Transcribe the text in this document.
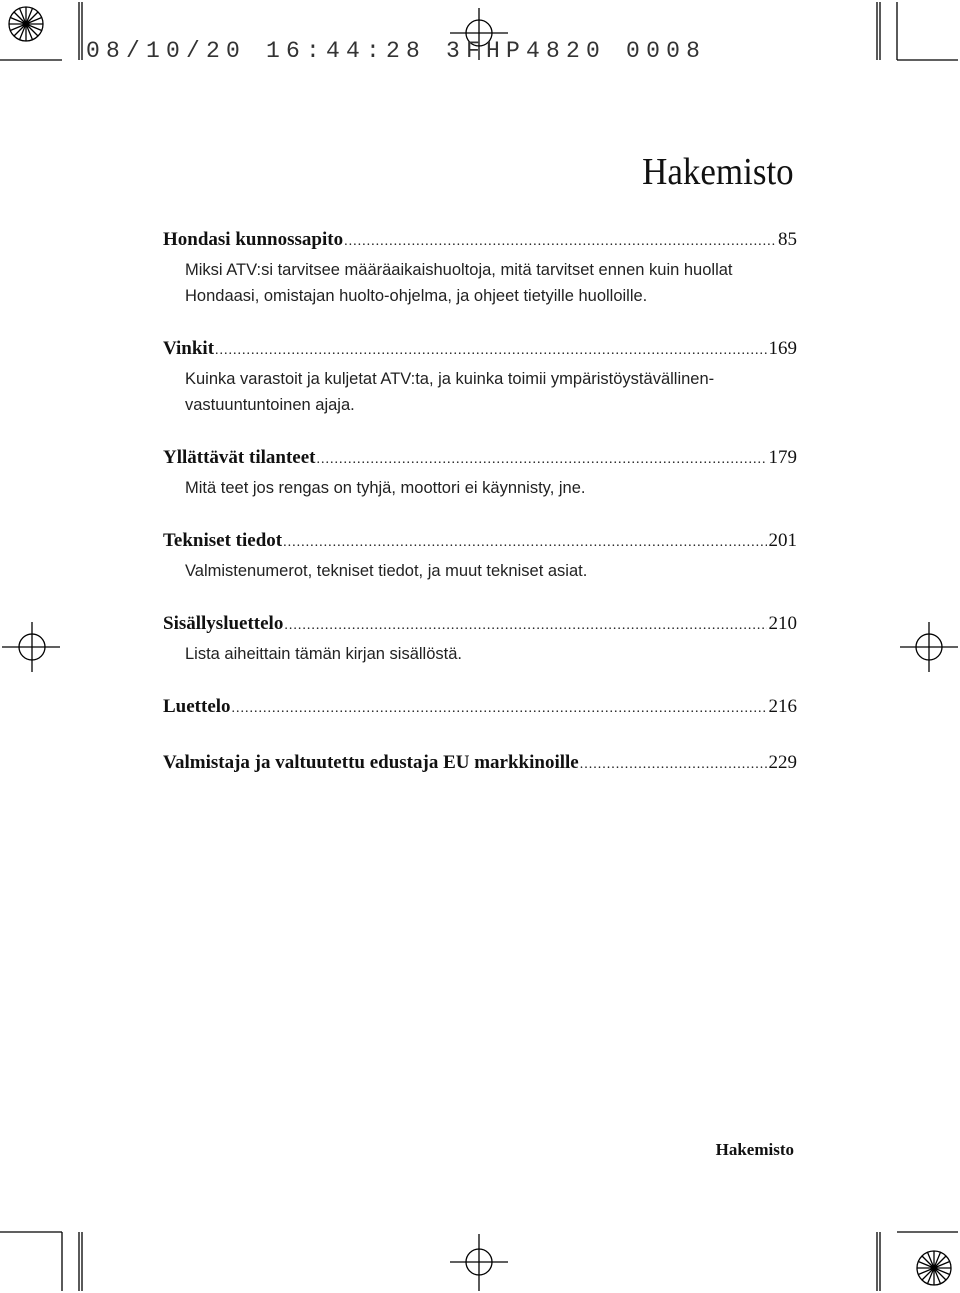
08/10/20 16:44:28 3FHP4820 0008
Hakemisto
Hondasi kunnossapito .....	85
Miksi ATV:si tarvitsee määräaikaishuoltoja, mitä tarvitset ennen kuin huollat Hondaasi, omistajan huolto-ohjelma, ja ohjeet tietyille huolloille.
Vinkit .....	169
Kuinka varastoit ja kuljetat ATV:ta, ja kuinka toimii ympäristöystävällinen-vastuuntuntoinen ajaja.
Yllättävät tilanteet .....	179
Mitä teet jos rengas on tyhjä, moottori ei käynnisty, jne.
Tekniset tiedot .....	201
Valmistenumerot, tekniset tiedot, ja muut tekniset asiat.
Sisällysluettelo .....	210
Lista aiheittain tämän kirjan sisällöstä.
Luettelo .....	216
Valmistaja ja valtuutettu edustaja EU markkinoille .....	229
Hakemisto
